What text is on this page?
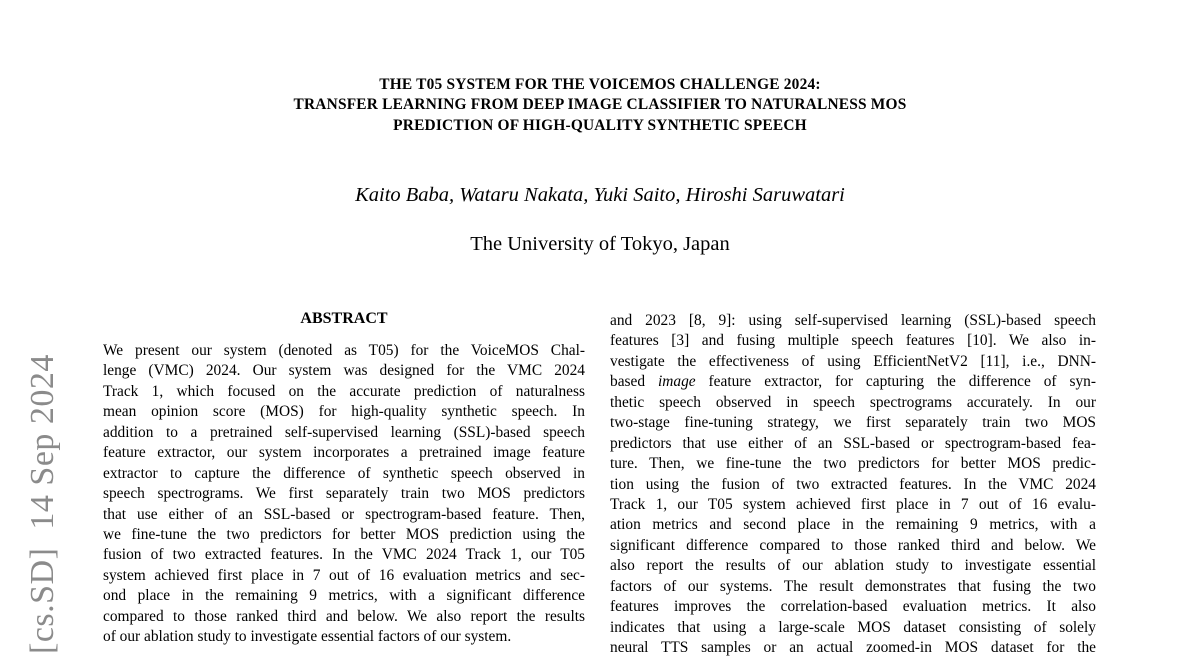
[cs.SD]  14 Sep 2024
THE T05 SYSTEM FOR THE VOICEMOS CHALLENGE 2024:
TRANSFER LEARNING FROM DEEP IMAGE CLASSIFIER TO NATURALNESS MOS
PREDICTION OF HIGH-QUALITY SYNTHETIC SPEECH
Kaito Baba, Wataru Nakata, Yuki Saito, Hiroshi Saruwatari
The University of Tokyo, Japan
ABSTRACT
We present our system (denoted as T05) for the VoiceMOS Chal-
lenge (VMC) 2024. Our system was designed for the VMC 2024
Track 1, which focused on the accurate prediction of naturalness
mean opinion score (MOS) for high-quality synthetic speech. In
addition to a pretrained self-supervised learning (SSL)-based speech
feature extractor, our system incorporates a pretrained image feature
extractor to capture the difference of synthetic speech observed in
speech spectrograms. We first separately train two MOS predictors
that use either of an SSL-based or spectrogram-based feature. Then,
we fine-tune the two predictors for better MOS prediction using the
fusion of two extracted features. In the VMC 2024 Track 1, our T05
system achieved first place in 7 out of 16 evaluation metrics and sec-
ond place in the remaining 9 metrics, with a significant difference
compared to those ranked third and below. We also report the results
of our ablation study to investigate essential factors of our system.
and 2023 [8, 9]: using self-supervised learning (SSL)-based speech
features [3] and fusing multiple speech features [10]. We also in-
vestigate the effectiveness of using EfficientNetV2 [11], i.e., DNN-
based image feature extractor, for capturing the difference of syn-
thetic speech observed in speech spectrograms accurately. In our
two-stage fine-tuning strategy, we first separately train two MOS
predictors that use either of an SSL-based or spectrogram-based fea-
ture. Then, we fine-tune the two predictors for better MOS predic-
tion using the fusion of two extracted features. In the VMC 2024
Track 1, our T05 system achieved first place in 7 out of 16 evalu-
ation metrics and second place in the remaining 9 metrics, with a
significant difference compared to those ranked third and below. We
also report the results of our ablation study to investigate essential
factors of our systems. The result demonstrates that fusing the two
features improves the correlation-based evaluation metrics. It also
indicates that using a large-scale MOS dataset consisting of solely
neural TTS samples or an actual zoomed-in MOS dataset for the
